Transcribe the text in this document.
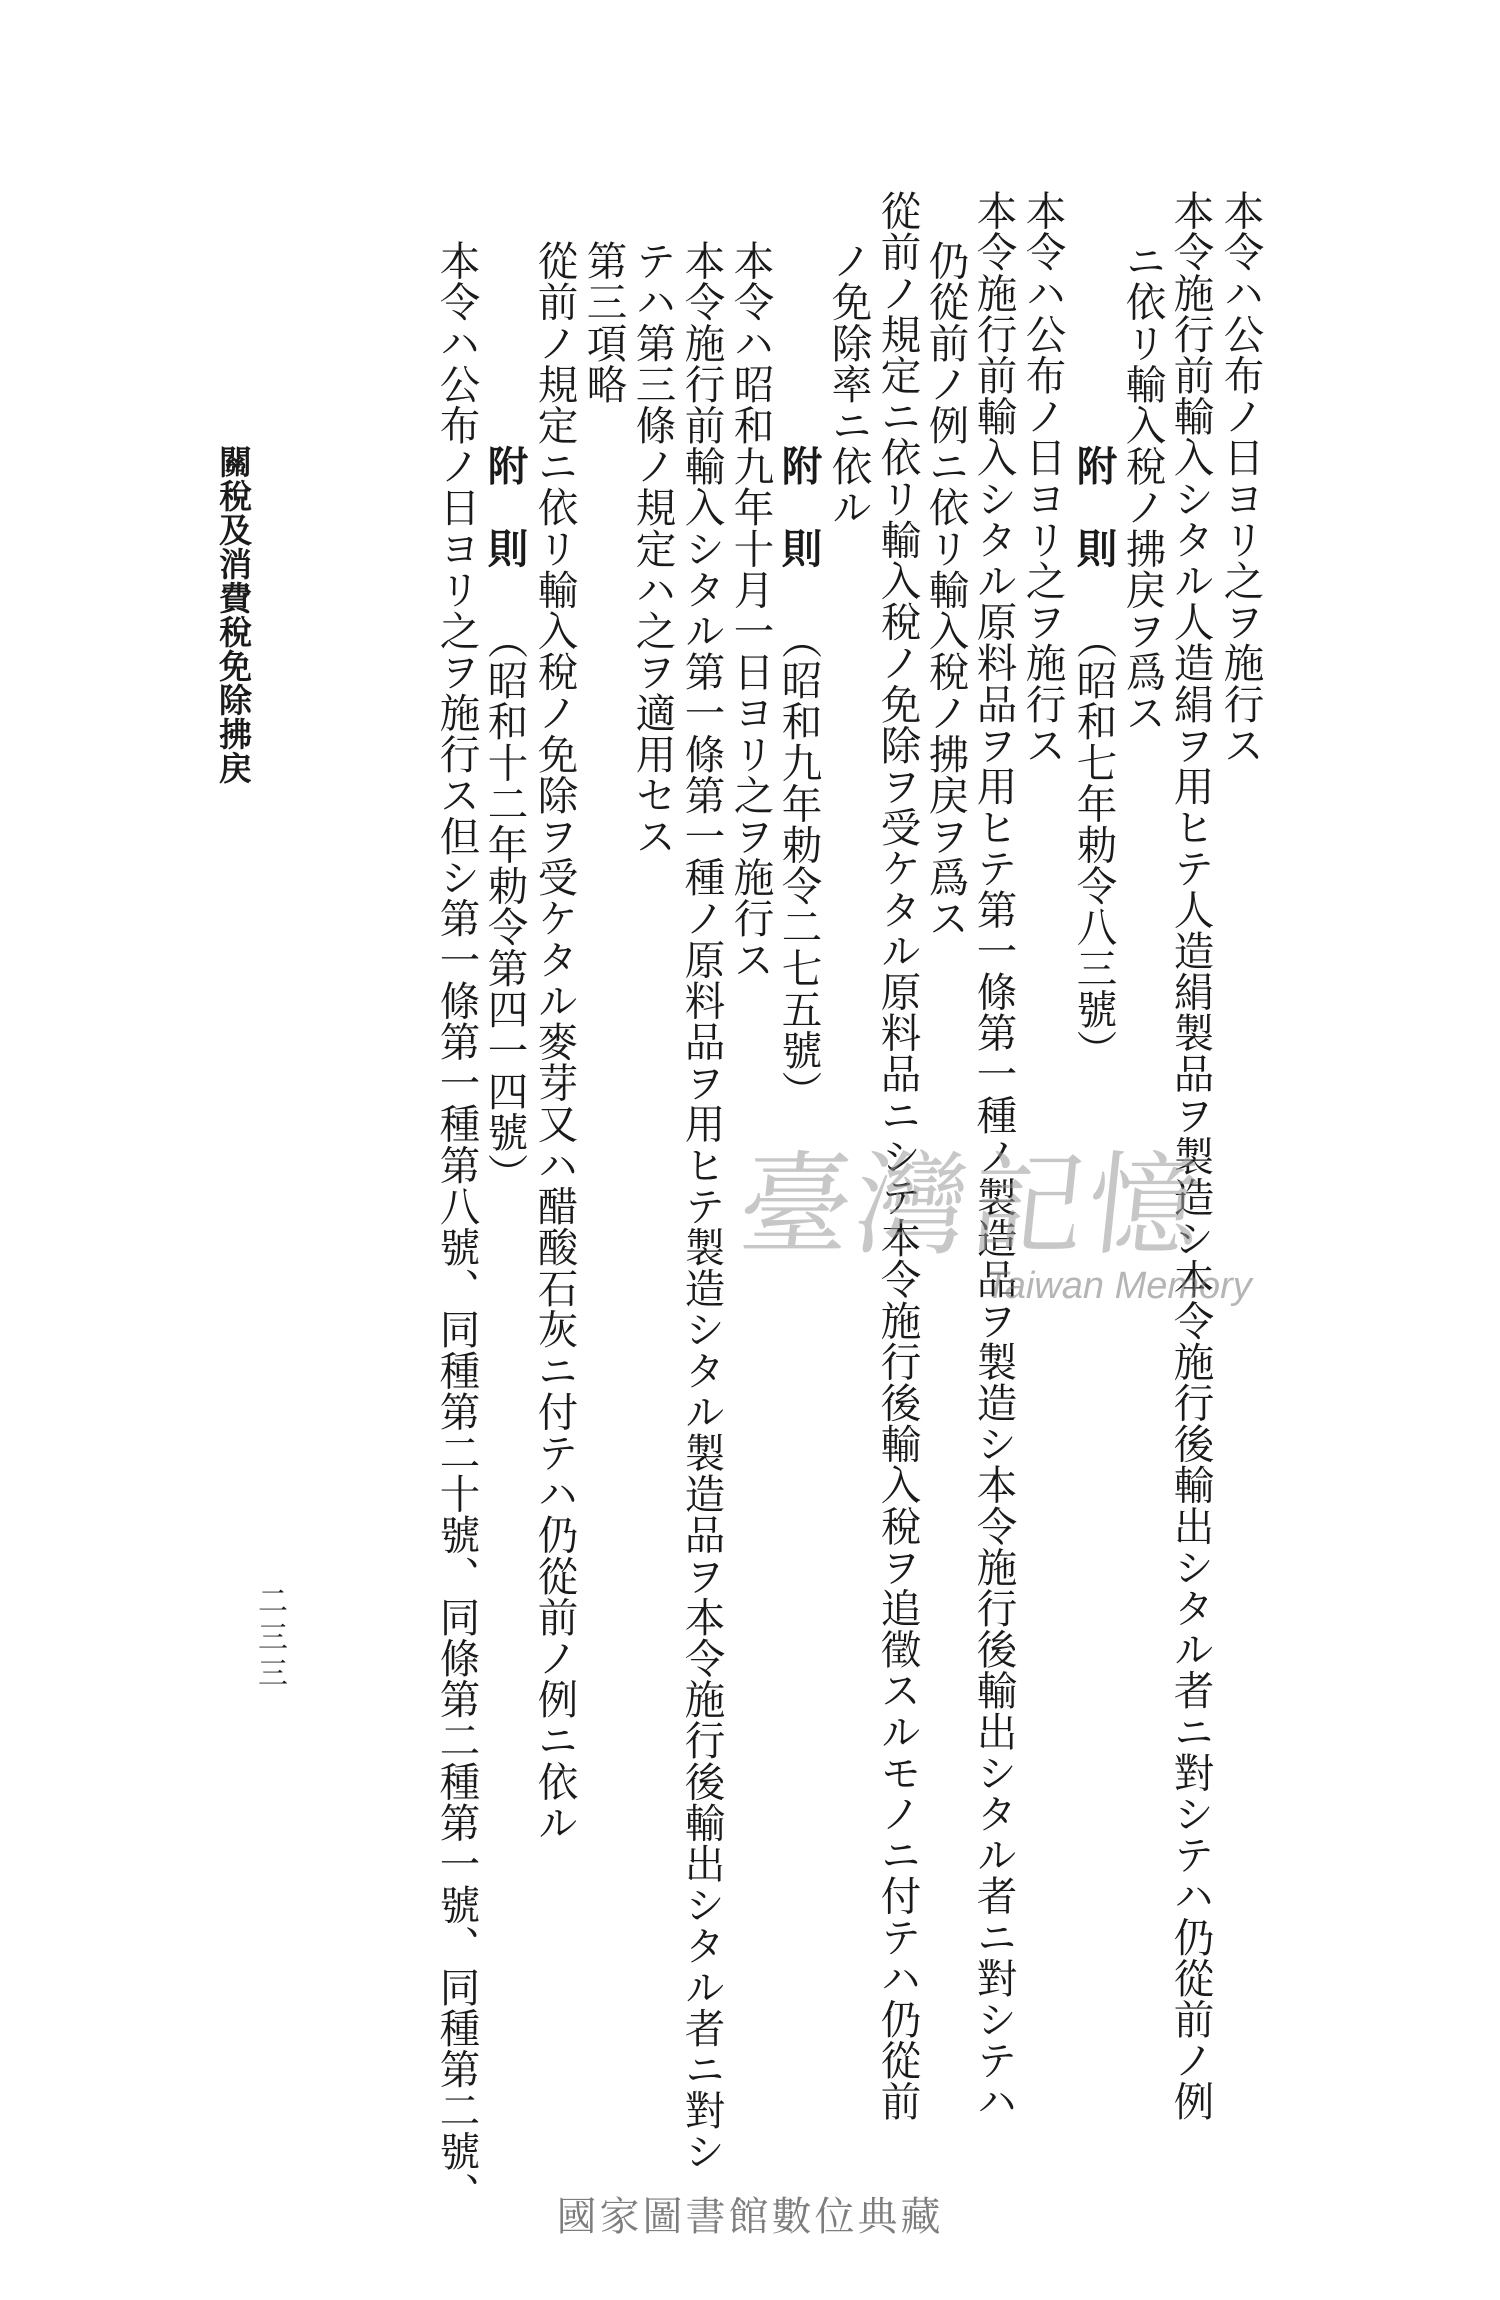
本令ハ公布ノ日ヨリ之ヲ施行ス
本令施行前輸入シタル人造絹ヲ用ヒテ人造絹製品ヲ製造シ本令施行後輸出シタル者ニ對シテハ仍從前ノ例
ニ依リ輸入稅ノ拂戻ヲ爲ス
附　則（昭和七年勅令八三號）
本令ハ公布ノ日ヨリ之ヲ施行ス
本令施行前輸入シタル原料品ヲ用ヒテ第一條第一種ノ製造品ヲ製造シ本令施行後輸出シタル者ニ對シテハ
仍從前ノ例ニ依リ輸入稅ノ拂戻ヲ爲ス
從前ノ規定ニ依リ輸入稅ノ免除ヲ受ケタル原料品ニシテ本令施行後輸入稅ヲ追徵スルモノニ付テハ仍從前
ノ免除率ニ依ル
附　則（昭和九年勅令二七五號）
本令ハ昭和九年十月一日ヨリ之ヲ施行ス
本令施行前輸入シタル第一條第一種ノ原料品ヲ用ヒテ製造シタル製造品ヲ本令施行後輸出シタル者ニ對シ
テハ第三條ノ規定ハ之ヲ適用セス
第三項略
從前ノ規定ニ依リ輸入稅ノ免除ヲ受ケタル麥芽又ハ醋酸石灰ニ付テハ仍從前ノ例ニ依ル
附　則（昭和十二年勅令第四一四號）
本令ハ公布ノ日ヨリ之ヲ施行ス但シ第一條第一種第八號、同種第二十號、同條第二種第一號、同種第二號、
關稅及消費稅免除拂戻
二三三
臺灣記憶
Taiwan Memory
國家圖書館數位典藏
